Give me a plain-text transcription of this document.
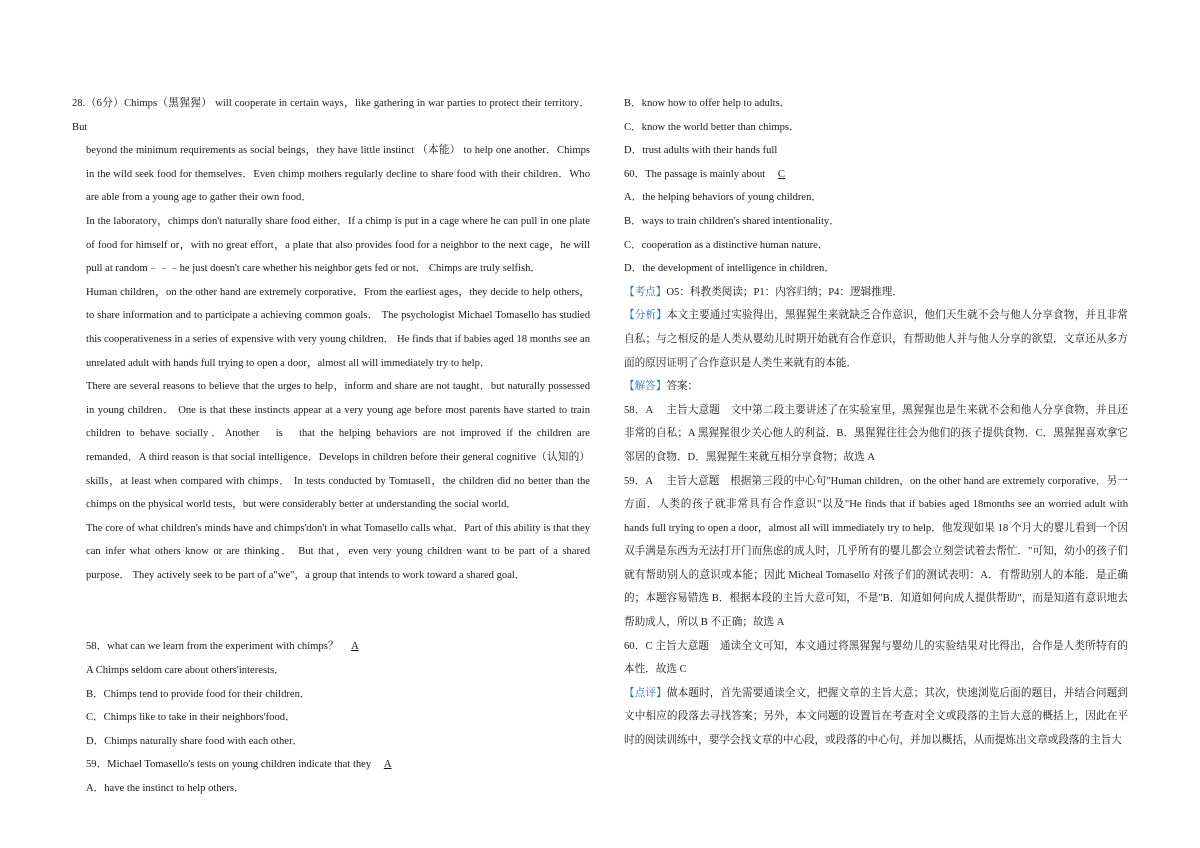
28.（6分）Chimps（黑猩猩） will cooperate in certain ways，like gathering in war parties to protect their territory．But

beyond the minimum requirements as social beings，they have little instinct （本能） to help one another．Chimps in the wild seek food for themselves．Even chimp mothers regularly decline to share food with their children．Who are able from a young age to gather their own food．

In the laboratory，chimps don't naturally share food either．If a chimp is put in a cage where he can pull in one plate of food for himself or，with no great effort，a plate that also provides food for a neighbor to the next cage，he will pull at random﹣﹣﹣he just doesn't care whether his neighbor gets fed or not． Chimps are truly selfish．

Human children，on the other hand are extremely corporative．From the earliest ages，they decide to help others，to share information and to participate a achieving common goals． The psychologist Michael Tomasello has studied this cooperativeness in a series of expensive with very young children． He finds that if babies aged 18 months see an unrelated adult with hands full trying to open a door，almost all will immediately try to help．

There are several reasons to believe that the urges to help，inform and share are not taught．but naturally possessed in young children． One is that these instincts appear at a very young age before most parents have started to train children to behave socially．Another　is　that the helping behaviors are not improved if the children are remanded．A third reason is that social intelligence．Develops in children before their general cognitive（认知的）skills，at least when compared with chimps． In tests conducted by Tomtasell，the children did no better than the chimps on the physical world tests，but were considerably better at understanding the social world．

The core of what children's minds have and chimps'don't in what Tomasello calls what．Part of this ability is that they can infer what others know or are thinking． But that，even very young children want to be part of a shared purpose． They actively seek to be part of a"we"，a group that intends to work toward a shared goal．

58．what can we learn from the experiment with chimps？ A

A Chimps seldom care about others'interests．

B．Chimps tend to provide food for their children．

C．Chimps like to take in their neighbors'food．

D．Chimps naturally share food with each other．

59．Michael Tomasello's tests on young children indicate that they A

A．have the instinct to help others．

B．know how to offer help to adults．

C．know the world better than chimps．

D．trust adults with their hands full

60．The passage is mainly about C

A．the helping behaviors of young children．

B．ways to train children's shared intentionality．

C．cooperation as a distinctive human nature．

D．the development of intelligence in children．

【考点】O5：科教类阅读；P1：内容归纳；P4：逻辑推理．

【分析】本文主要通过实验得出，黑猩猩生来就缺乏合作意识，他们天生就不会与他人分享食物，并且非常自私；与之相反的是人类从婴幼儿时期开始就有合作意识，有帮助他人并与他人分享的欲望．文章还从多方面的原因证明了合作意识是人类生来就有的本能．

【解答】答案：

58．A　 主旨大意题　文中第二段主要讲述了在实验室里，黑猩猩也是生来就不会和他人分享食物，并且还非常的自私；A 黑猩猩很少关心他人的利益．B．黑猩猩往往会为他们的孩子提供食物．C．黑猩猩喜欢拿它邻居的食物．D．黑猩猩生来就互相分享食物；故选 A

59．A　 主旨大意题　根据第三段的中心句"Human children，on the other hand are extremely corporative．另一方面．人类的孩子就非常具有合作意识"以及"He finds that if babies aged 18months see an worried adult with hands full trying to open a door，almost all will immediately try to help．他发现如果 18 个月大的婴儿看到一个因双手满是东西为无法打开门而焦虑的成人时，几乎所有的婴儿都会立刻尝试着去帮忙．"可知，幼小的孩子们就有帮助别人的意识或本能；因此 Micheal Tomasello 对孩子们的测试表明：A．有帮助别人的本能．是正确的；本题容易错选 B．根据本段的主旨大意可知，不是"B．知道如何向成人提供帮助"，而是知道有意识地去帮助成人，所以 B 不正确；故选 A

60．C 主旨大意题　通读全文可知，本文通过将黑猩猩与婴幼儿的实验结果对比得出，合作是人类所特有的本性．故选 C

【点评】做本题时，首先需要通读全文，把握文章的主旨大意；其次，快速浏览后面的题目，并结合问题到文中相应的段落去寻找答案；另外，本文问题的设置旨在考查对全文或段落的主旨大意的概括上，因此在平时的阅读训练中，要学会找文章的中心段，或段落的中心句，并加以概括，从而提炼出文章或段落的主旨大
